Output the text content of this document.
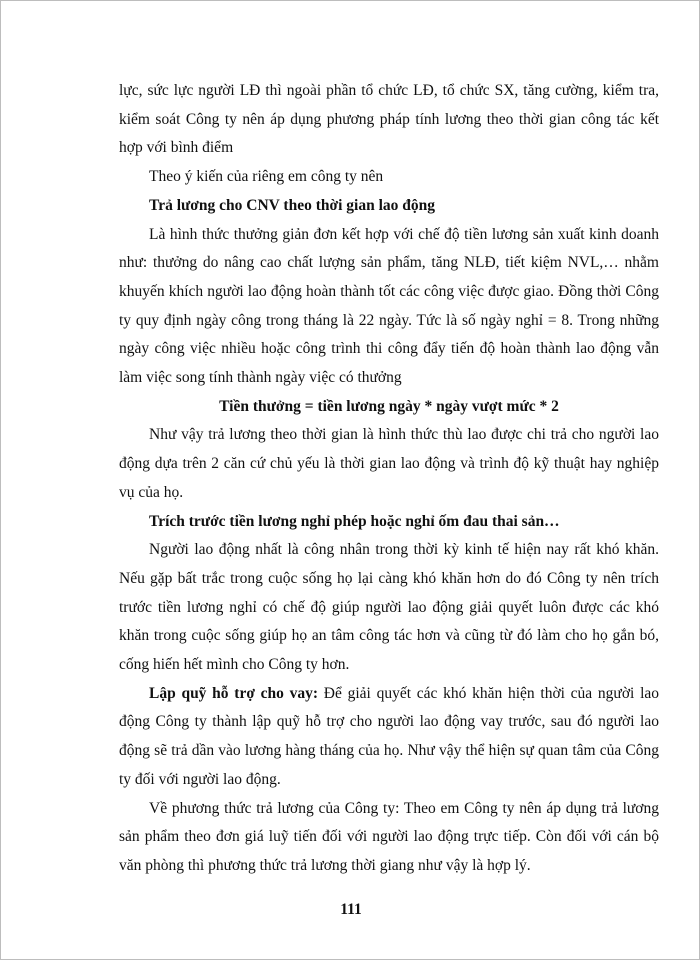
lực, sức lực người LĐ thì ngoài phần tổ chức LĐ, tổ chức SX, tăng cường, kiểm tra, kiểm soát Công ty nên áp dụng phương pháp tính lương theo thời gian công tác kết hợp với bình điểm

Theo ý kiến của riêng em công ty nên

Trả lương cho CNV theo thời gian lao động

Là hình thức thưởng giản đơn kết hợp với chế độ tiền lương sản xuất kinh doanh như: thưởng do nâng cao chất lượng sản phẩm, tăng NLĐ, tiết kiệm NVL,… nhằm khuyến khích người lao động hoàn thành tốt các công việc được giao. Đồng thời Công ty quy định ngày công trong tháng là 22 ngày. Tức là số ngày nghỉ = 8. Trong những ngày công việc nhiều hoặc công trình thi công đẩy tiến độ hoàn thành lao động vẫn làm việc song tính thành ngày việc có thưởng

Tiền thưởng = tiền lương ngày * ngày vượt mức * 2

Như vậy trả lương theo thời gian là hình thức thù lao được chi trả cho người lao động dựa trên 2 căn cứ chủ yếu là thời gian lao động và trình độ kỹ thuật hay nghiệp vụ của họ.

Trích trước tiền lương nghỉ phép hoặc nghỉ ốm đau thai sản…

Người lao động nhất là công nhân trong thời kỳ kinh tế hiện nay rất khó khăn. Nếu gặp bất trắc trong cuộc sống họ lại càng khó khăn hơn do đó Công ty nên trích trước tiền lương nghỉ có chế độ giúp người lao động giải quyết luôn được các khó khăn trong cuộc sống giúp họ an tâm công tác hơn và cũng từ đó làm cho họ gắn bó, cống hiến hết mình cho Công ty hơn.

Lập quỹ hỗ trợ cho vay: Để giải quyết các khó khăn hiện thời của người lao động Công ty thành lập quỹ hỗ trợ cho người lao động vay trước, sau đó người lao động sẽ trả dần vào lương hàng tháng của họ. Như vậy thể hiện sự quan tâm của Công ty đối với người lao động.

Về phương thức trả lương của Công ty: Theo em Công ty nên áp dụng trả lương sản phẩm theo đơn giá luỹ tiến đối với người lao động trực tiếp. Còn đối với cán bộ văn phòng thì phương thức trả lương thời giang như vậy là hợp lý.

111
